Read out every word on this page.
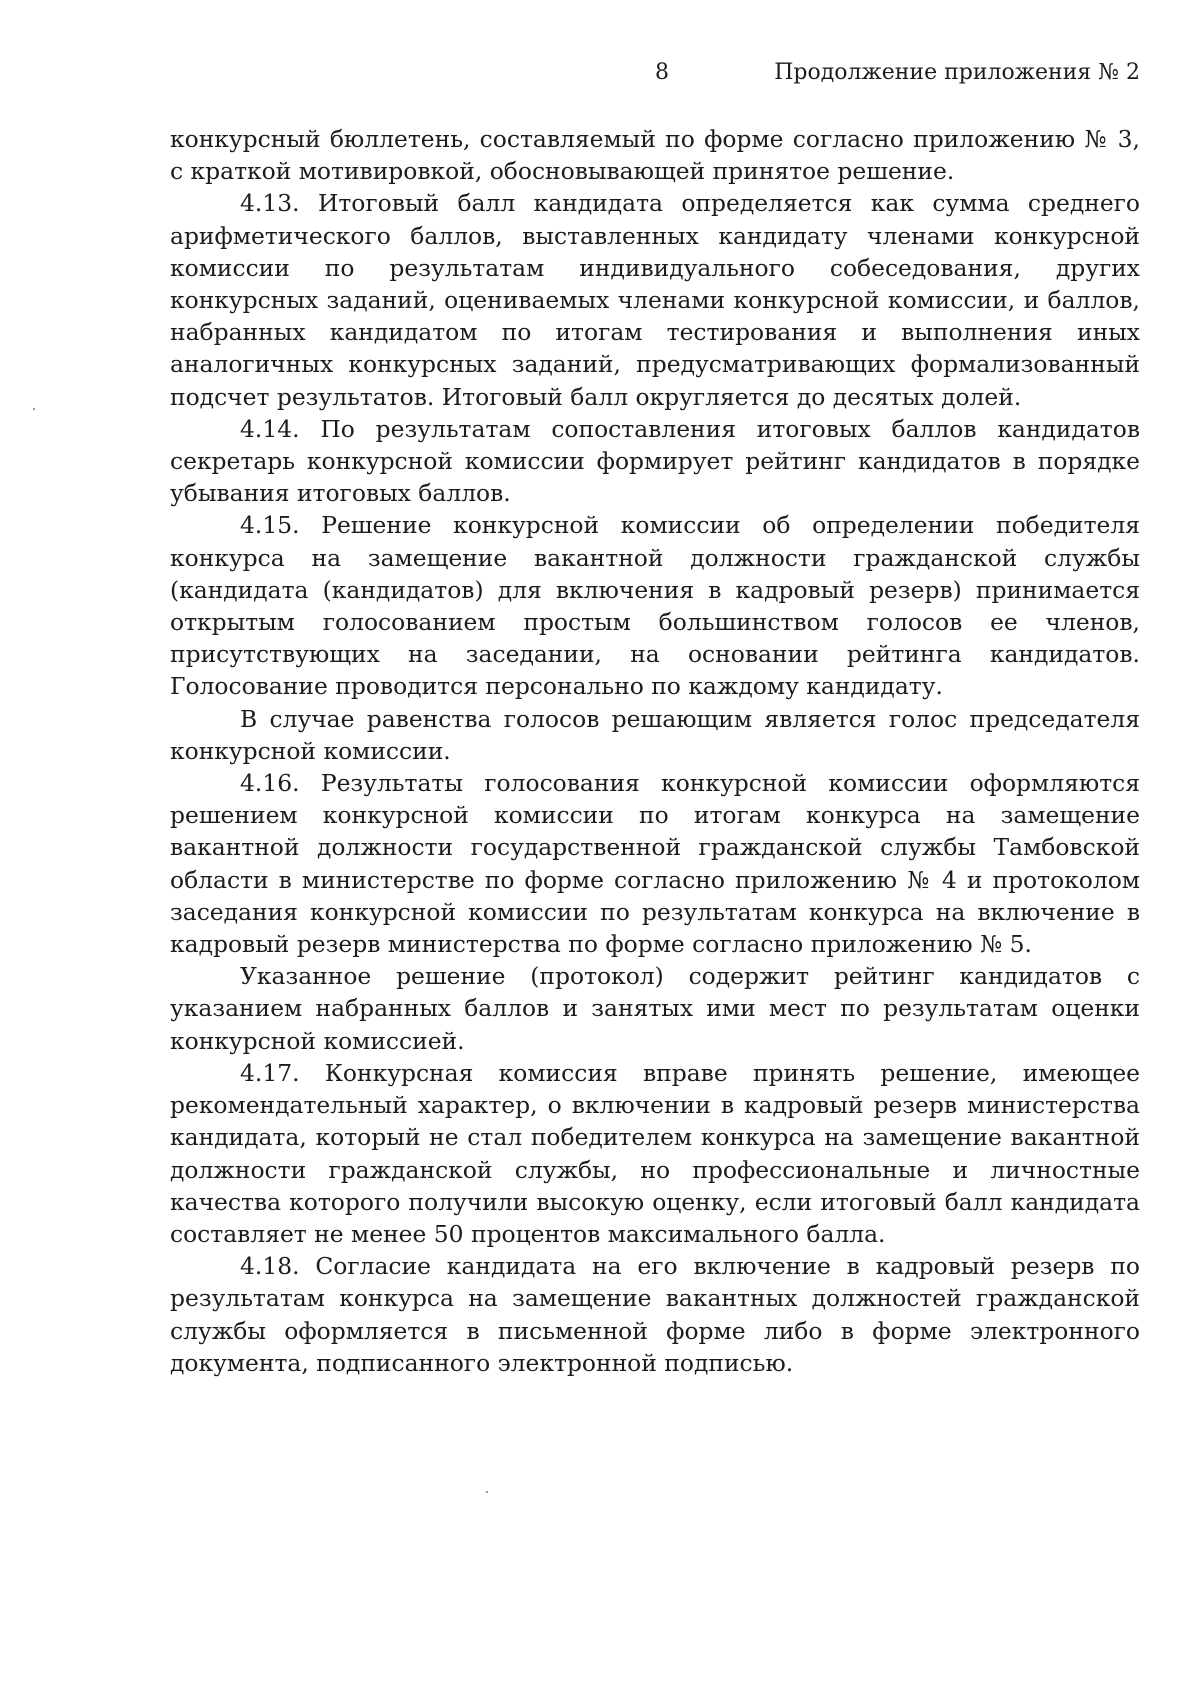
8	Продолжение приложения № 2

конкурсный бюллетень, составляемый по форме согласно приложению № 3, с краткой мотивировкой, обосновывающей принятое решение.

4.13. Итоговый балл кандидата определяется как сумма среднего арифметического баллов, выставленных кандидату членами конкурсной комиссии по результатам индивидуального собеседования, других конкурсных заданий, оцениваемых членами конкурсной комиссии, и баллов, набранных кандидатом по итогам тестирования и выполнения иных аналогичных конкурсных заданий, предусматривающих формализованный подсчет результатов. Итоговый балл округляется до десятых долей.

4.14. По результатам сопоставления итоговых баллов кандидатов секретарь конкурсной комиссии формирует рейтинг кандидатов в порядке убывания итоговых баллов.

4.15. Решение конкурсной комиссии об определении победителя конкурса на замещение вакантной должности гражданской службы (кандидата (кандидатов) для включения в кадровый резерв) принимается открытым голосованием простым большинством голосов ее членов, присутствующих на заседании, на основании рейтинга кандидатов. Голосование проводится персонально по каждому кандидату.

В случае равенства голосов решающим является голос председателя конкурсной комиссии.

4.16. Результаты голосования конкурсной комиссии оформляются решением конкурсной комиссии по итогам конкурса на замещение вакантной должности государственной гражданской службы Тамбовской области в министерстве по форме согласно приложению № 4 и протоколом заседания конкурсной комиссии по результатам конкурса на включение в кадровый резерв министерства по форме согласно приложению № 5.

Указанное решение (протокол) содержит рейтинг кандидатов с указанием набранных баллов и занятых ими мест по результатам оценки конкурсной комиссией.

4.17. Конкурсная комиссия вправе принять решение, имеющее рекомендательный характер, о включении в кадровый резерв министерства кандидата, который не стал победителем конкурса на замещение вакантной должности гражданской службы, но профессиональные и личностные качества которого получили высокую оценку, если итоговый балл кандидата составляет не менее 50 процентов максимального балла.

4.18. Согласие кандидата на его включение в кадровый резерв по результатам конкурса на замещение вакантных должностей гражданской службы оформляется в письменной форме либо в форме электронного документа, подписанного электронной подписью.
